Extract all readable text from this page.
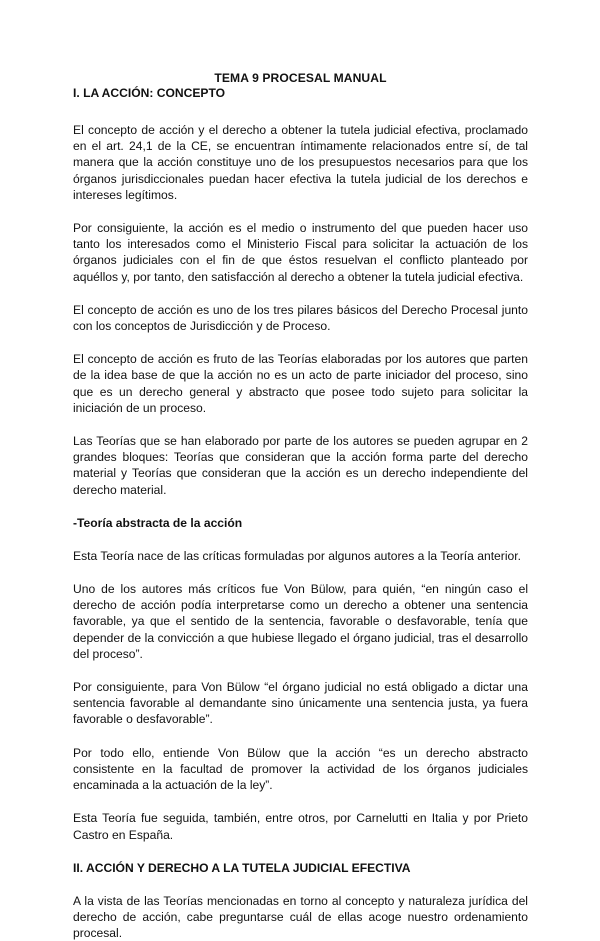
TEMA 9 PROCESAL MANUAL
I. LA ACCIÓN: CONCEPTO

El concepto de acción y el derecho a obtener la tutela judicial efectiva, proclamado en el art. 24,1 de la CE, se encuentran íntimamente relacionados entre sí, de tal manera que la acción constituye uno de los presupuestos necesarios para que los órganos jurisdiccionales puedan hacer efectiva la tutela judicial de los derechos e intereses legítimos.

Por consiguiente, la acción es el medio o instrumento del que pueden hacer uso tanto los interesados como el Ministerio Fiscal para solicitar la actuación de los órganos judiciales con el fin de que éstos resuelvan el conflicto planteado por aquéllos y, por tanto, den satisfacción al derecho a obtener la tutela judicial efectiva.

El concepto de acción es uno de los tres pilares básicos del Derecho Procesal junto con los conceptos de Jurisdicción y de Proceso.

El concepto de acción es fruto de las Teorías elaboradas por los autores que parten de la idea base de que la acción no es un acto de parte iniciador del proceso, sino que es un derecho general y abstracto que posee todo sujeto para solicitar la iniciación de un proceso.

Las Teorías que se han elaborado por parte de los autores se pueden agrupar en 2 grandes bloques: Teorías que consideran que la acción forma parte del derecho material y Teorías que consideran que la acción es un derecho independiente del derecho material.

-Teoría abstracta de la acción

Esta Teoría nace de las críticas formuladas por algunos autores a la Teoría anterior.

Uno de los autores más críticos fue Von Bülow, para quién, “en ningún caso el derecho de acción podía interpretarse como un derecho a obtener una sentencia favorable, ya que el sentido de la sentencia, favorable o desfavorable, tenía que depender de la convicción a que hubiese llegado el órgano judicial, tras el desarrollo del proceso”.

Por consiguiente, para Von Bülow “el órgano judicial no está obligado a dictar una sentencia favorable al demandante sino únicamente una sentencia justa, ya fuera favorable o desfavorable”.

Por todo ello, entiende Von Bülow que la acción “es un derecho abstracto consistente en la facultad de promover la actividad de los órganos judiciales encaminada a la actuación de la ley”.

Esta Teoría fue seguida, también, entre otros, por Carnelutti en Italia y por Prieto Castro en España.

II. ACCIÓN Y DERECHO A LA TUTELA JUDICIAL EFECTIVA

A la vista de las Teorías mencionadas en torno al concepto y naturaleza jurídica del derecho de acción, cabe preguntarse cuál de ellas acoge nuestro ordenamiento procesal.
